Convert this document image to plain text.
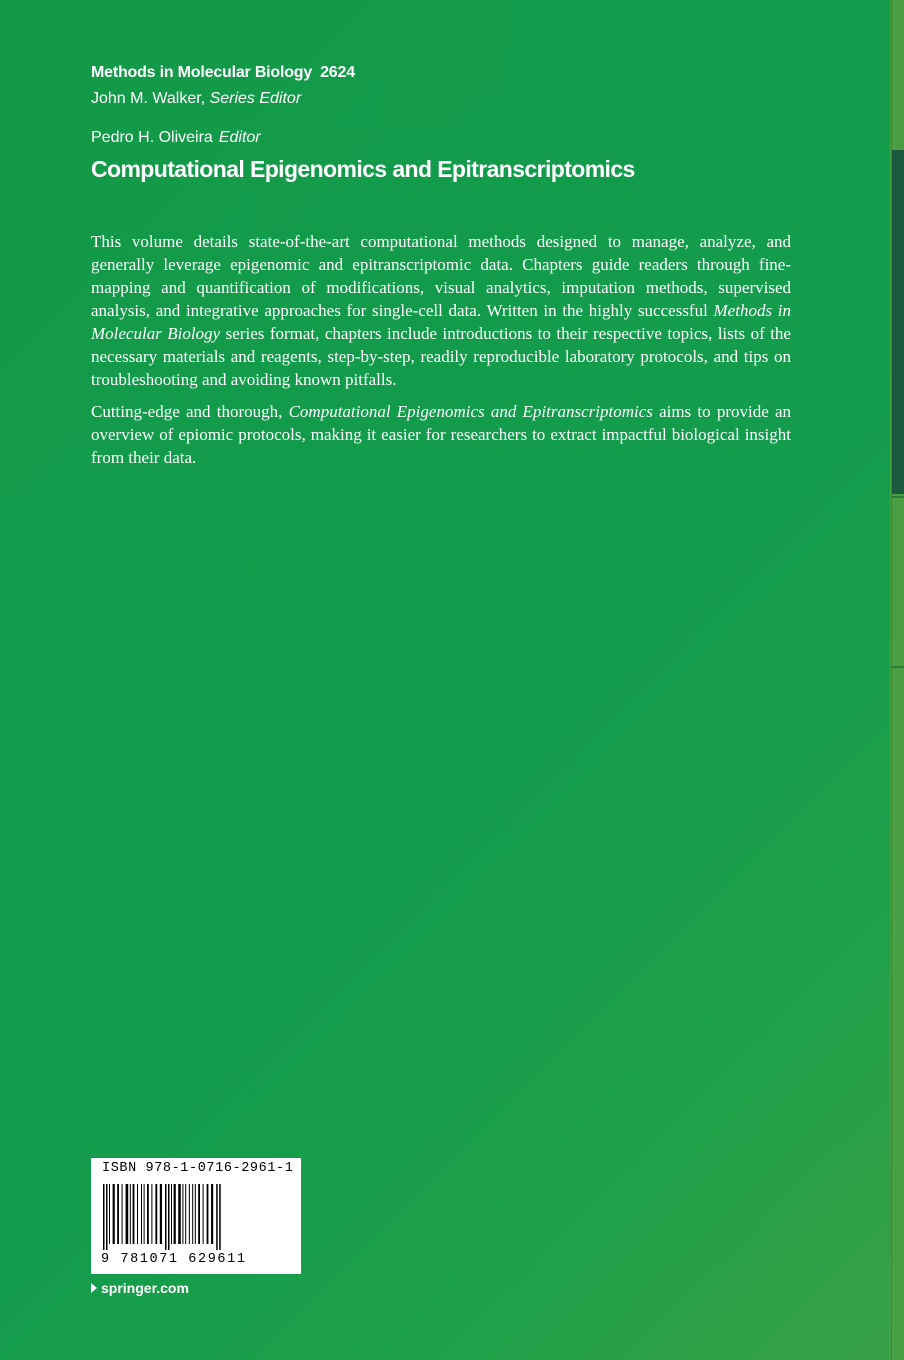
Methods in Molecular Biology 2624
John M. Walker, Series Editor
Pedro H. Oliveira Editor
Computational Epigenomics and Epitranscriptomics

This volume details state-of-the-art computational methods designed to manage, analyze, and generally leverage epigenomic and epitranscriptomic data. Chapters guide readers through fine-mapping and quantification of modifications, visual analytics, imputation methods, supervised analysis, and integrative approaches for single-cell data. Written in the highly successful Methods in Molecular Biology series format, chapters include introductions to their respective topics, lists of the necessary materials and reagents, step-by-step, readily reproducible laboratory protocols, and tips on troubleshooting and avoiding known pitfalls.

Cutting-edge and thorough, Computational Epigenomics and Epitranscriptomics aims to provide an overview of epiomic protocols, making it easier for researchers to extract impactful biological insight from their data.

ISBN 978-1-0716-2961-1
9 781071 629611
springer.com
